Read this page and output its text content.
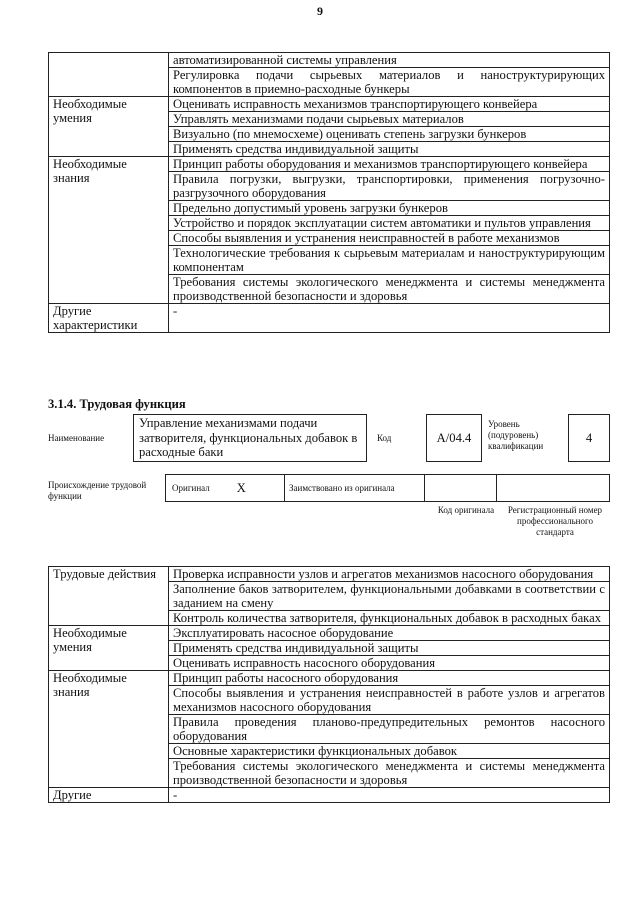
9
	автоматизированной системы управления
	Регулировка подачи сырьевых материалов и наноструктурирующих компонентов в приемно-расходные бункеры
Необходимые умения	Оценивать исправность механизмов транспортирующего конвейера
	Управлять механизмами подачи сырьевых материалов
	Визуально (по мнемосхеме) оценивать степень загрузки бункеров
	Применять средства индивидуальной защиты
Необходимые знания	Принцип работы оборудования и механизмов транспортирующего конвейера
	Правила погрузки, выгрузки, транспортировки, применения погрузочно-разгрузочного оборудования
	Предельно допустимый уровень загрузки бункеров
	Устройство и порядок эксплуатации систем автоматики и пультов управления
	Способы выявления и устранения неисправностей в работе механизмов
	Технологические требования к сырьевым материалам и наноструктурирующим компонентам
	Требования системы экологического менеджмента и системы менеджмента производственной безопасности и здоровья
Другие характеристики	-
3.1.4. Трудовая функция
Наименование
Управление механизмами подачи затворителя, функциональных добавок в расходные баки
Код	А/04.4
Уровень (подуровень) квалификации
4
Происхождение трудовой функции
Оригинал X	Заимствовано из оригинала
Код оригинала	Регистрационный номер профессионального стандарта
Трудовые действия	Проверка исправности узлов и агрегатов механизмов насосного оборудования
	Заполнение баков затворителем, функциональными добавками в соответствии с заданием на смену
	Контроль количества затворителя, функциональных добавок в расходных баках
Необходимые умения	Эксплуатировать насосное оборудование
	Применять средства индивидуальной защиты
	Оценивать исправность насосного оборудования
Необходимые знания	Принцип работы насосного оборудования
	Способы выявления и устранения неисправностей в работе узлов и агрегатов механизмов насосного оборудования
	Правила проведения планово-предупредительных ремонтов насосного оборудования
	Основные характеристики функциональных добавок
	Требования системы экологического менеджмента и системы менеджмента производственной безопасности и здоровья
Другие	-
